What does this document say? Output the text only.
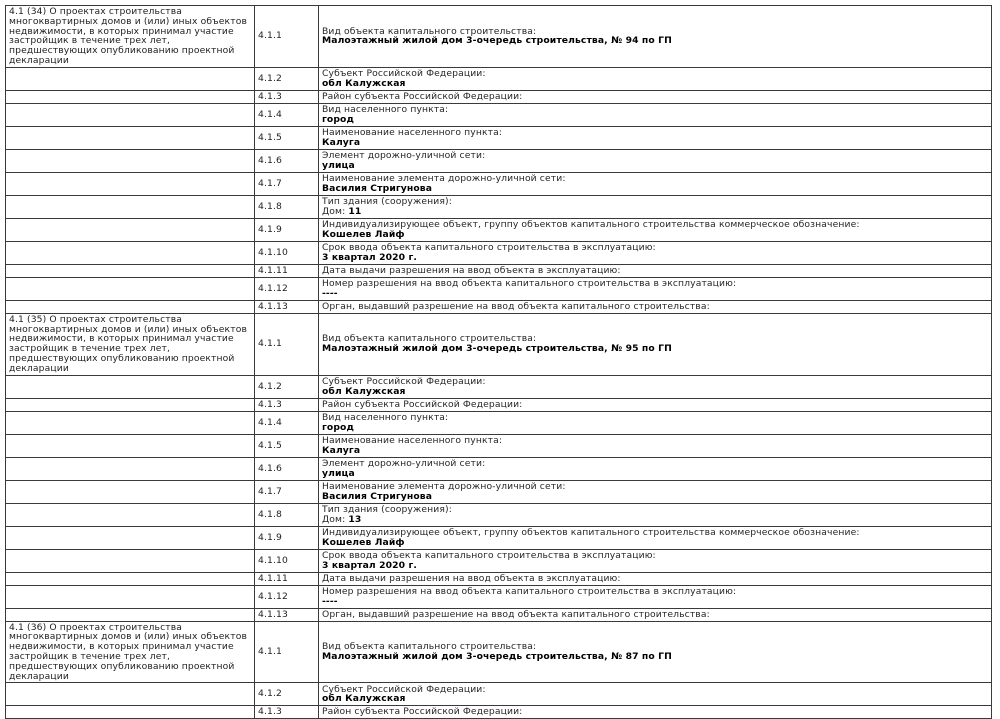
4.1 (34) О проектах строительства многоквартирных домов и (или) иных объектов недвижимости, в которых принимал участие застройщик в течение трех лет, предшествующих опубликованию проектной декларации	4.1.1	Вид объекта капитального строительства:
Малоэтажный жилой дом 3-очередь строительства, № 94 по ГП

	4.1.2	Субъект Российской Федерации:
обл Калужская

	4.1.3	Район субъекта Российской Федерации:

	4.1.4	Вид населенного пункта:
город

	4.1.5	Наименование населенного пункта:
Калуга

	4.1.6	Элемент дорожно-уличной сети:
улица

	4.1.7	Наименование элемента дорожно-уличной сети:
Василия Стригунова

	4.1.8	Тип здания (сооружения):
Дом: 11

	4.1.9	Индивидуализирующее объект, группу объектов капитального строительства коммерческое обозначение:
Кошелев Лайф

	4.1.10	Срок ввода объекта капитального строительства в эксплуатацию:
3 квартал 2020 г.

	4.1.11	Дата выдачи разрешения на ввод объекта в эксплуатацию:

	4.1.12	Номер разрешения на ввод объекта капитального строительства в эксплуатацию:
----

	4.1.13	Орган, выдавший разрешение на ввод объекта капитального строительства:

4.1 (35) О проектах строительства многоквартирных домов и (или) иных объектов недвижимости, в которых принимал участие застройщик в течение трех лет, предшествующих опубликованию проектной декларации	4.1.1	Вид объекта капитального строительства:
Малоэтажный жилой дом 3-очередь строительства, № 95 по ГП

	4.1.2	Субъект Российской Федерации:
обл Калужская

	4.1.3	Район субъекта Российской Федерации:

	4.1.4	Вид населенного пункта:
город

	4.1.5	Наименование населенного пункта:
Калуга

	4.1.6	Элемент дорожно-уличной сети:
улица

	4.1.7	Наименование элемента дорожно-уличной сети:
Василия Стригунова

	4.1.8	Тип здания (сооружения):
Дом: 13

	4.1.9	Индивидуализирующее объект, группу объектов капитального строительства коммерческое обозначение:
Кошелев Лайф

	4.1.10	Срок ввода объекта капитального строительства в эксплуатацию:
3 квартал 2020 г.

	4.1.11	Дата выдачи разрешения на ввод объекта в эксплуатацию:

	4.1.12	Номер разрешения на ввод объекта капитального строительства в эксплуатацию:
----

	4.1.13	Орган, выдавший разрешение на ввод объекта капитального строительства:

4.1 (36) О проектах строительства многоквартирных домов и (или) иных объектов недвижимости, в которых принимал участие застройщик в течение трех лет, предшествующих опубликованию проектной декларации	4.1.1	Вид объекта капитального строительства:
Малоэтажный жилой дом 3-очередь строительства, № 87 по ГП

	4.1.2	Субъект Российской Федерации:
обл Калужская

	4.1.3	Район субъекта Российской Федерации:
